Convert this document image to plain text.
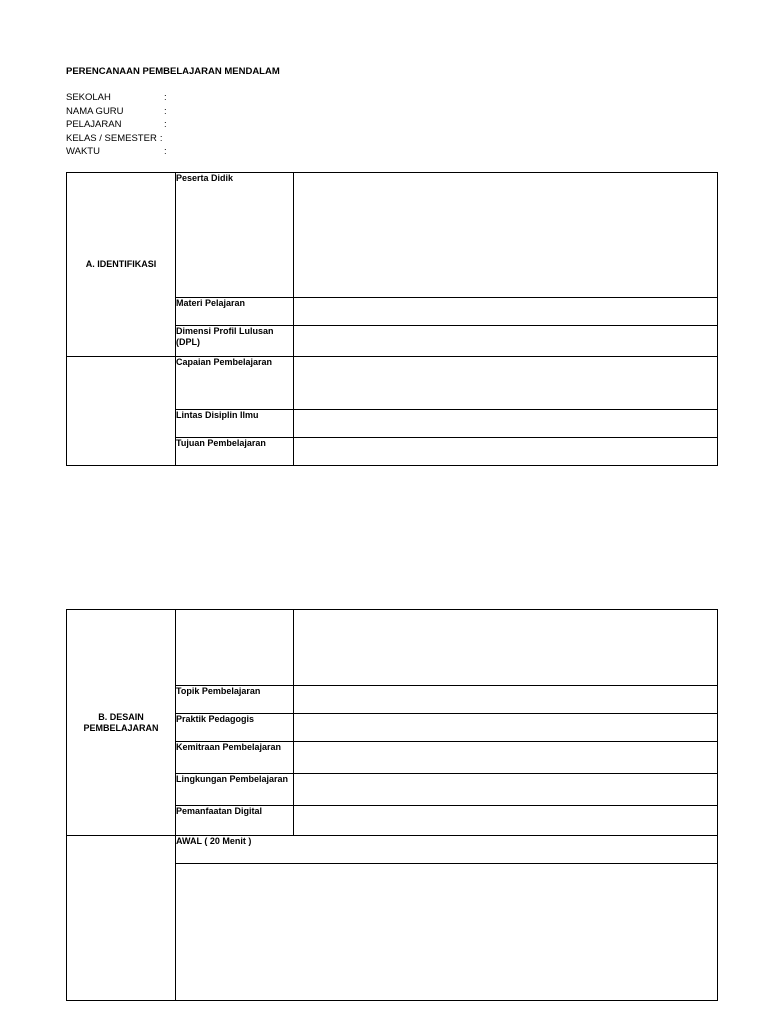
PERENCANAAN PEMBELAJARAN MENDALAM
SEKOLAH	:
NAMA GURU	:
PELAJARAN	:
KELAS / SEMESTER :
WAKTU	:
A. IDENTIFIKASI	Peserta Didik	
	Materi Pelajaran	
	Dimensi Profil Lulusan (DPL)	
	Capaian Pembelajaran	
	Lintas Disiplin Ilmu	
	Tujuan Pembelajaran	
B. DESAIN PEMBELAJARAN		
	Topik Pembelajaran	
	Praktik Pedagogis	
	Kemitraan Pembelajaran	
	Lingkungan Pembelajaran	
	Pemanfaatan Digital	
	AWAL ( 20 Menit )	
